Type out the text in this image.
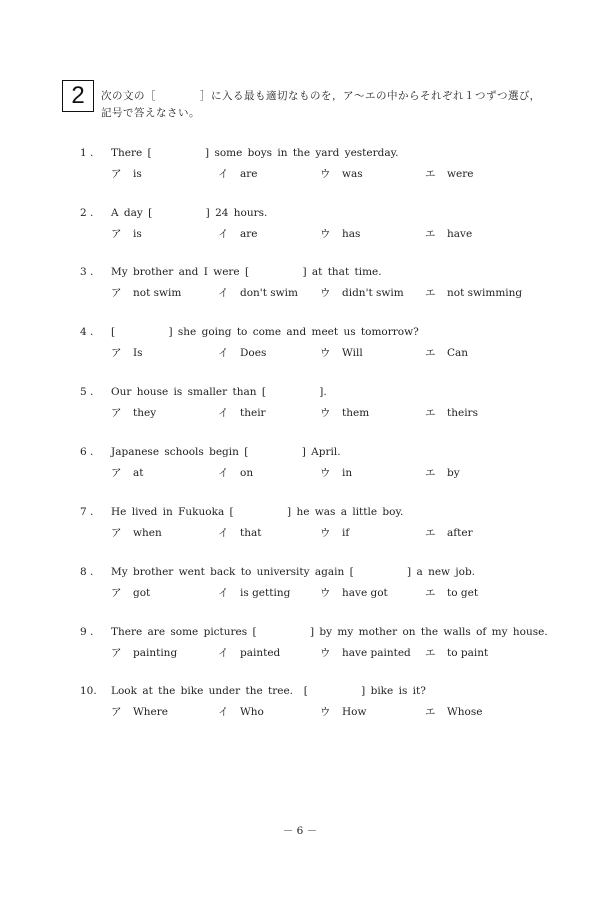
2	次の文の［　　　　］に入る最も適切なものを，ア～エの中からそれぞれ１つずつ選び，
記号で答えなさい。
1 . There [          ] some boys in the yard yesterday.
ア is	イ are	ウ was	エ were
2 . A day [          ] 24 hours.
ア is	イ are	ウ has	エ have
3 . My brother and I were [          ] at that time.
ア not swim	イ don't swim ウ didn't swim エ not swimming
4 . [          ] she going to come and meet us tomorrow?
ア Is	イ Does	ウ Will	エ Can
5 . Our house is smaller than [          ].
ア they	イ their	ウ them	エ theirs
6 . Japanese schools begin [          ] April.
ア at	イ on	ウ in	エ by
7 . He lived in Fukuoka [          ] he was a little boy.
ア when	イ that	ウ if	エ after
8 . My brother went back to university again [          ] a new job.
ア got	イ is getting	ウ have got	エ to get
9 . There are some pictures [          ] by my mother on the walls of my house.
ア painting	イ painted	ウ have painted エ to paint
10. Look at the bike under the tree.  [          ] bike is it?
ア Where	イ Who	ウ How	エ Whose
－ 6 －
